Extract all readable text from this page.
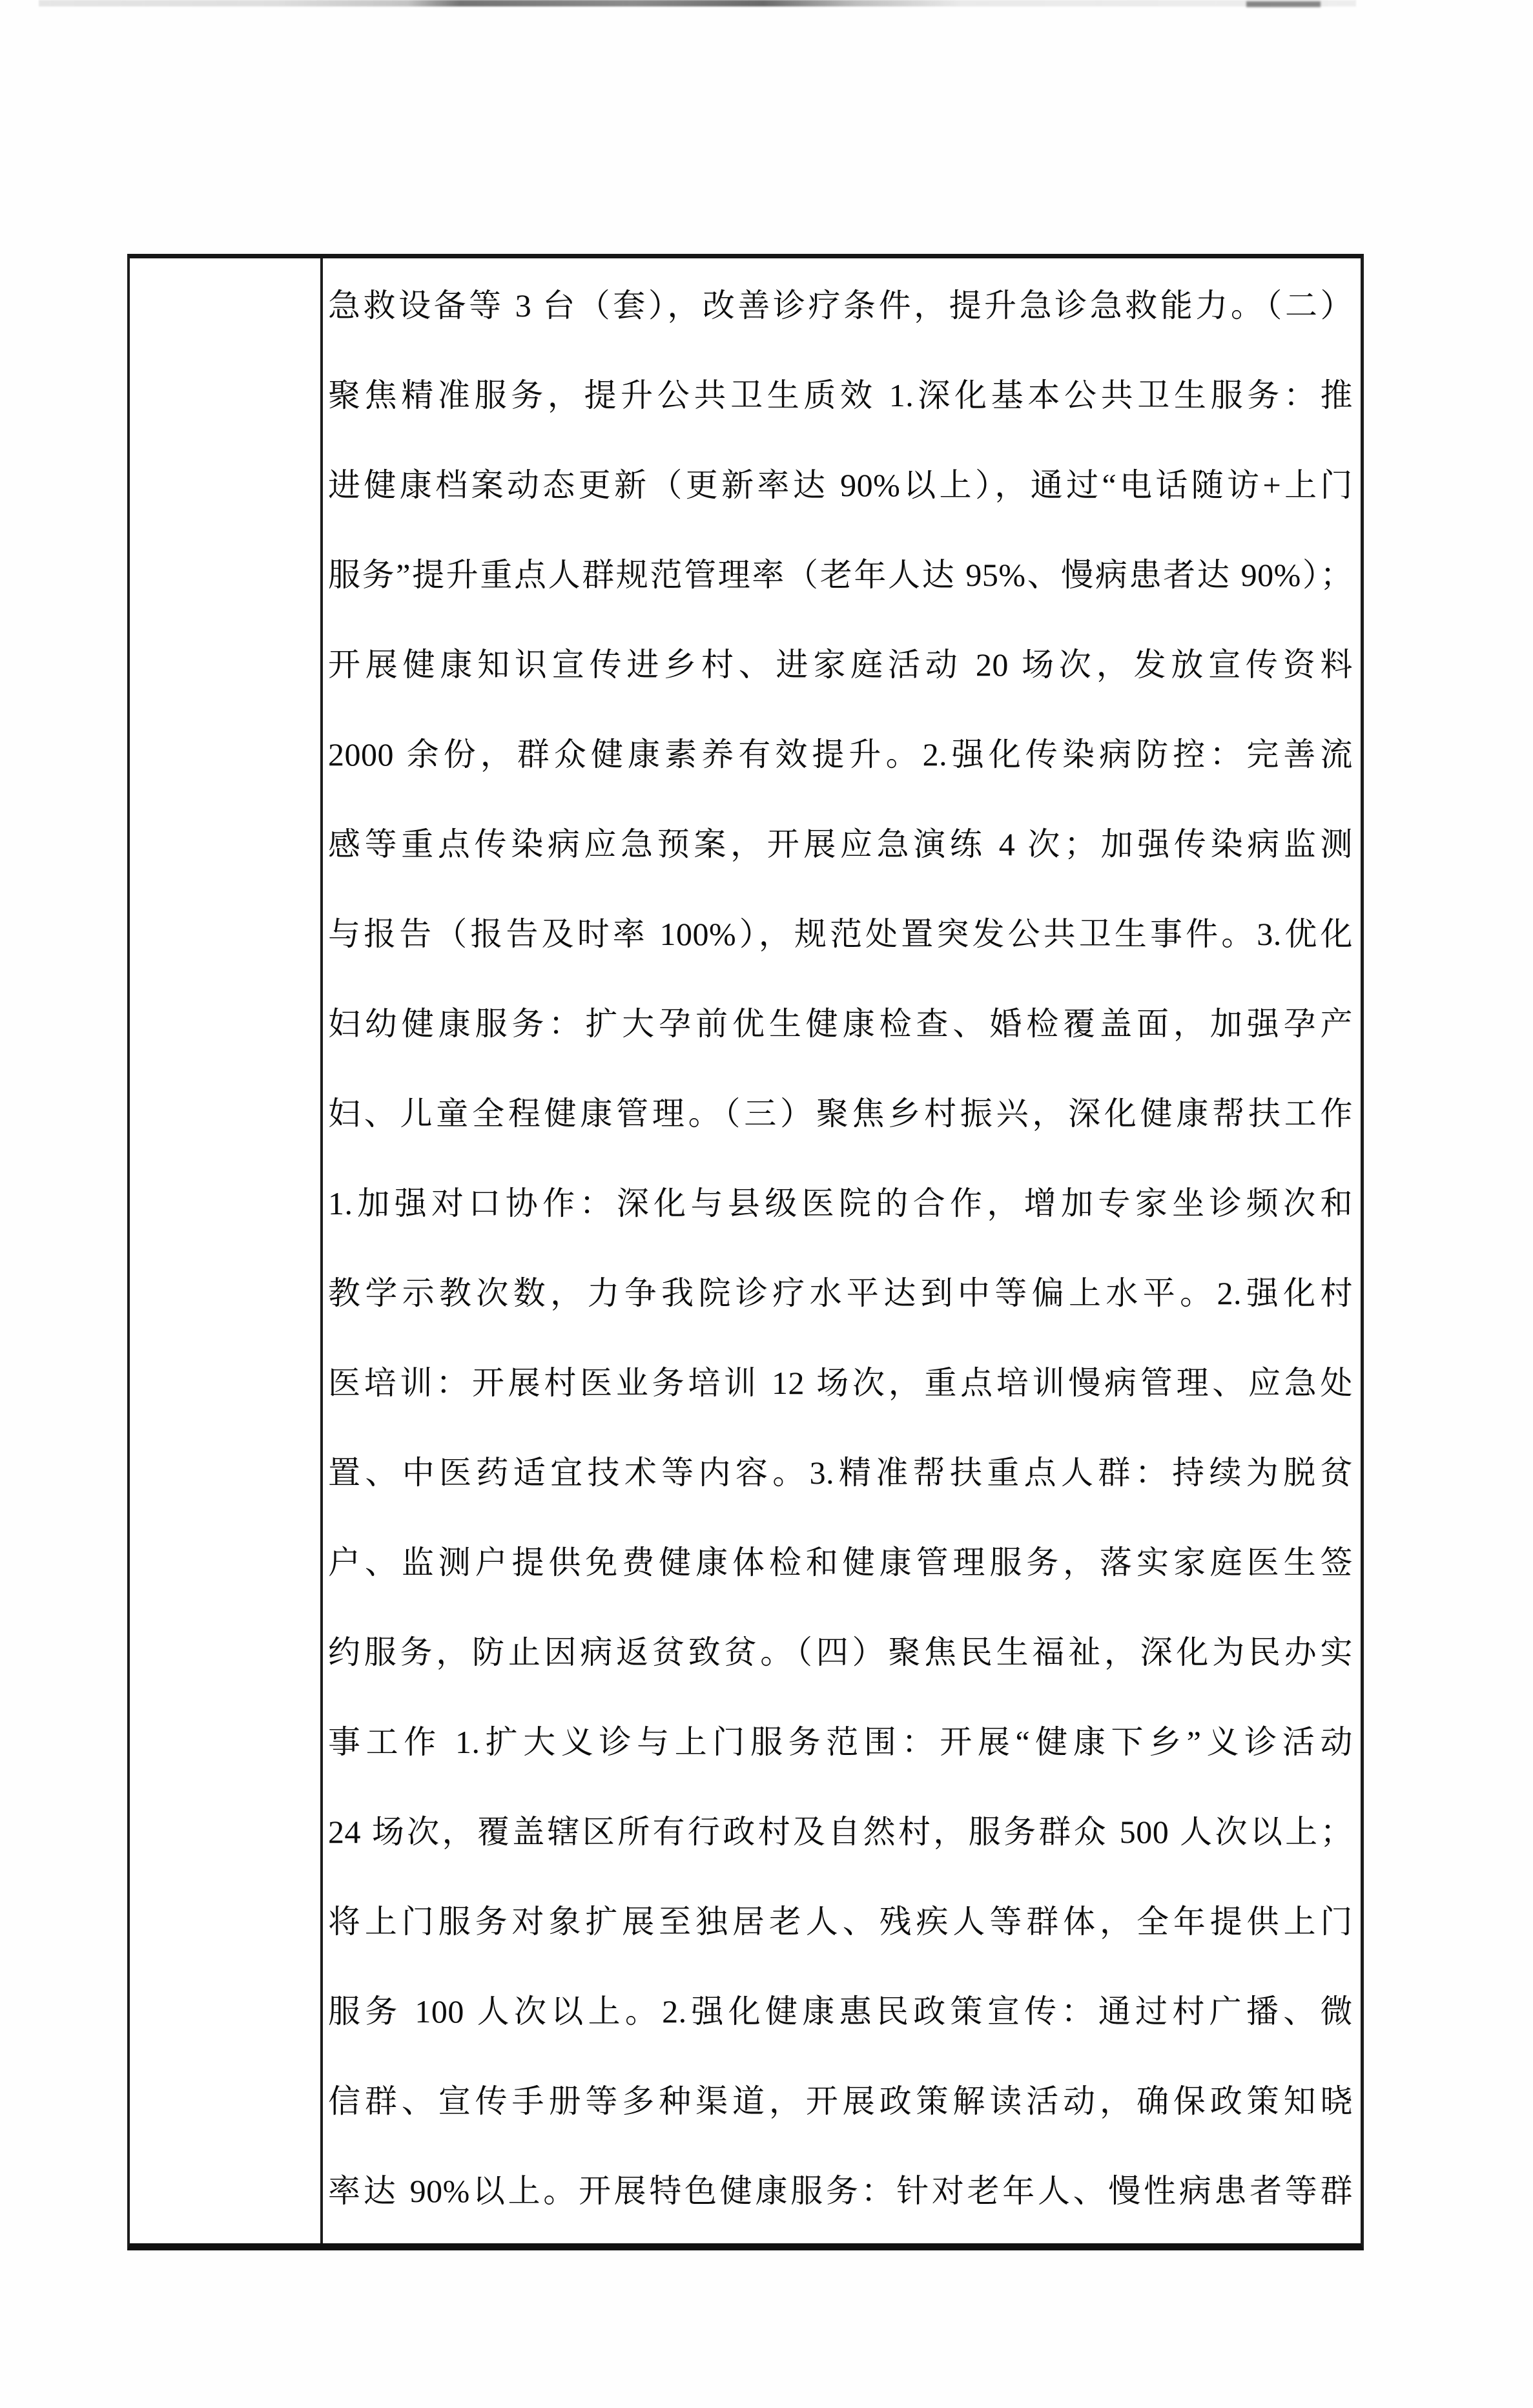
急救设备等 3 台（套），改善诊疗条件，提升急诊急救能力。（二）
聚焦精准服务，提升公共卫生质效 1.深化基本公共卫生服务：推
进健康档案动态更新（更新率达 90%以上），通过“电话随访+上门
服务”提升重点人群规范管理率（老年人达 95%、慢病患者达 90%）；
开展健康知识宣传进乡村、进家庭活动 20 场次，发放宣传资料
2000 余份，群众健康素养有效提升。2.强化传染病防控：完善流
感等重点传染病应急预案，开展应急演练 4 次；加强传染病监测
与报告（报告及时率 100%），规范处置突发公共卫生事件。3.优化
妇幼健康服务：扩大孕前优生健康检查、婚检覆盖面，加强孕产
妇、儿童全程健康管理。（三）聚焦乡村振兴，深化健康帮扶工作
1.加强对口协作：深化与县级医院的合作，增加专家坐诊频次和
教学示教次数，力争我院诊疗水平达到中等偏上水平。2.强化村
医培训：开展村医业务培训 12 场次，重点培训慢病管理、应急处
置、中医药适宜技术等内容。3.精准帮扶重点人群：持续为脱贫
户、监测户提供免费健康体检和健康管理服务，落实家庭医生签
约服务，防止因病返贫致贫。（四）聚焦民生福祉，深化为民办实
事工作 1.扩大义诊与上门服务范围：开展“健康下乡”义诊活动
24 场次，覆盖辖区所有行政村及自然村，服务群众 500 人次以上；
将上门服务对象扩展至独居老人、残疾人等群体，全年提供上门
服务 100 人次以上。2.强化健康惠民政策宣传：通过村广播、微
信群、宣传手册等多种渠道，开展政策解读活动，确保政策知晓
率达 90%以上。开展特色健康服务：针对老年人、慢性病患者等群
